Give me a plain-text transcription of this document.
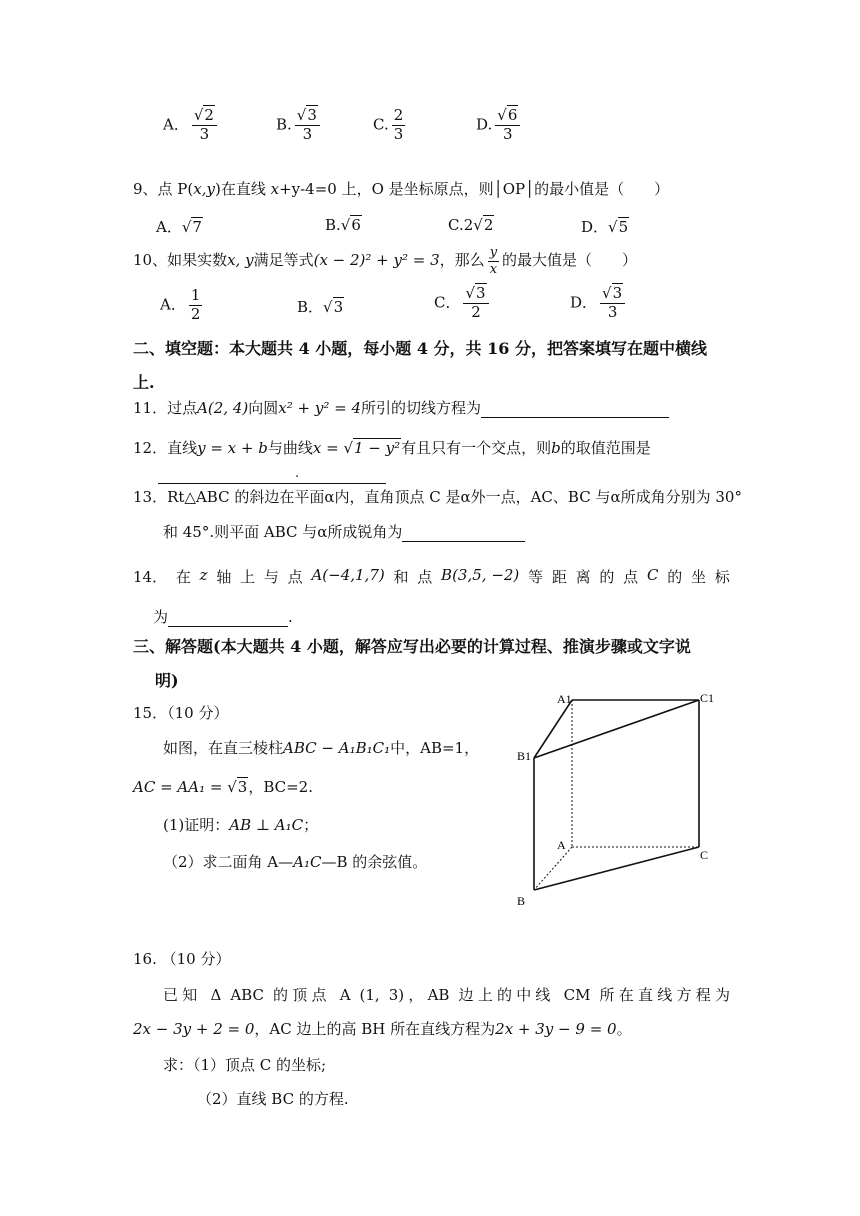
A． √ $\frac{2}{3}$	B. √ $\frac{3}{3}$	C. $\frac{2}{3}$	D. √ $\frac{6}{3}$
9、点 P(x,y)在直线 x+y-4=0 上，O 是坐标原点，则│OP│的最小值是（　　）
A． √ 7	B. √ 6	C.2 √ 2	D． √ 5
10、如果实数x, y满足等式(x − 2)² + y² = 3，那么 $\frac{y}{x}$ 的最大值是（　　）
A． $\frac{1}{2}$	B． √ 3	C． √ $\frac{3}{2}$	D． √ $\frac{3}{3}$
二、填空题：本大题共 4 小题，每小题 4 分，共 16 分，把答案填写在题中横线
上.
11．过点A(2, 4)向圆x² + y² = 4所引的切线方程为
12．直线y = x + b与曲线x = √ 1 − y²有且只有一个交点，则b的取值范围是
.
13．Rt△ABC 的斜边在平面α内，直角顶点 C 是α外一点，AC、BC 与α所成角分别为 30°
和 45°.则平面 ABC 与α所成锐角为
14． 在 z 轴 上 与 点 A(−4,1,7) 和 点 B(3,5, −2) 等 距 离 的 点 C 的 坐 标
为	.
三、解答题(本大题共 4 小题，解答应写出必要的计算过程、推演步骤或文字说
明)
15．（10 分）
如图，在直三棱柱ABC − A₁B₁C₁中，AB=1，
AC = AA₁ = √ 3，BC=2.
(1)证明：AB ⊥ A₁C；
（2）求二面角 A—A₁C—B 的余弦值。
A1	C1
B1
A
C
B
16. （10 分）
已知 Δ ABC 的顶点 A (1, 3)，AB 边上的中线 CM 所在直线方程为
2x − 3y + 2 = 0，AC 边上的高 BH 所在直线方程为2x + 3y − 9 = 0。
求：（1）顶点 C 的坐标;
（2）直线 BC 的方程.
